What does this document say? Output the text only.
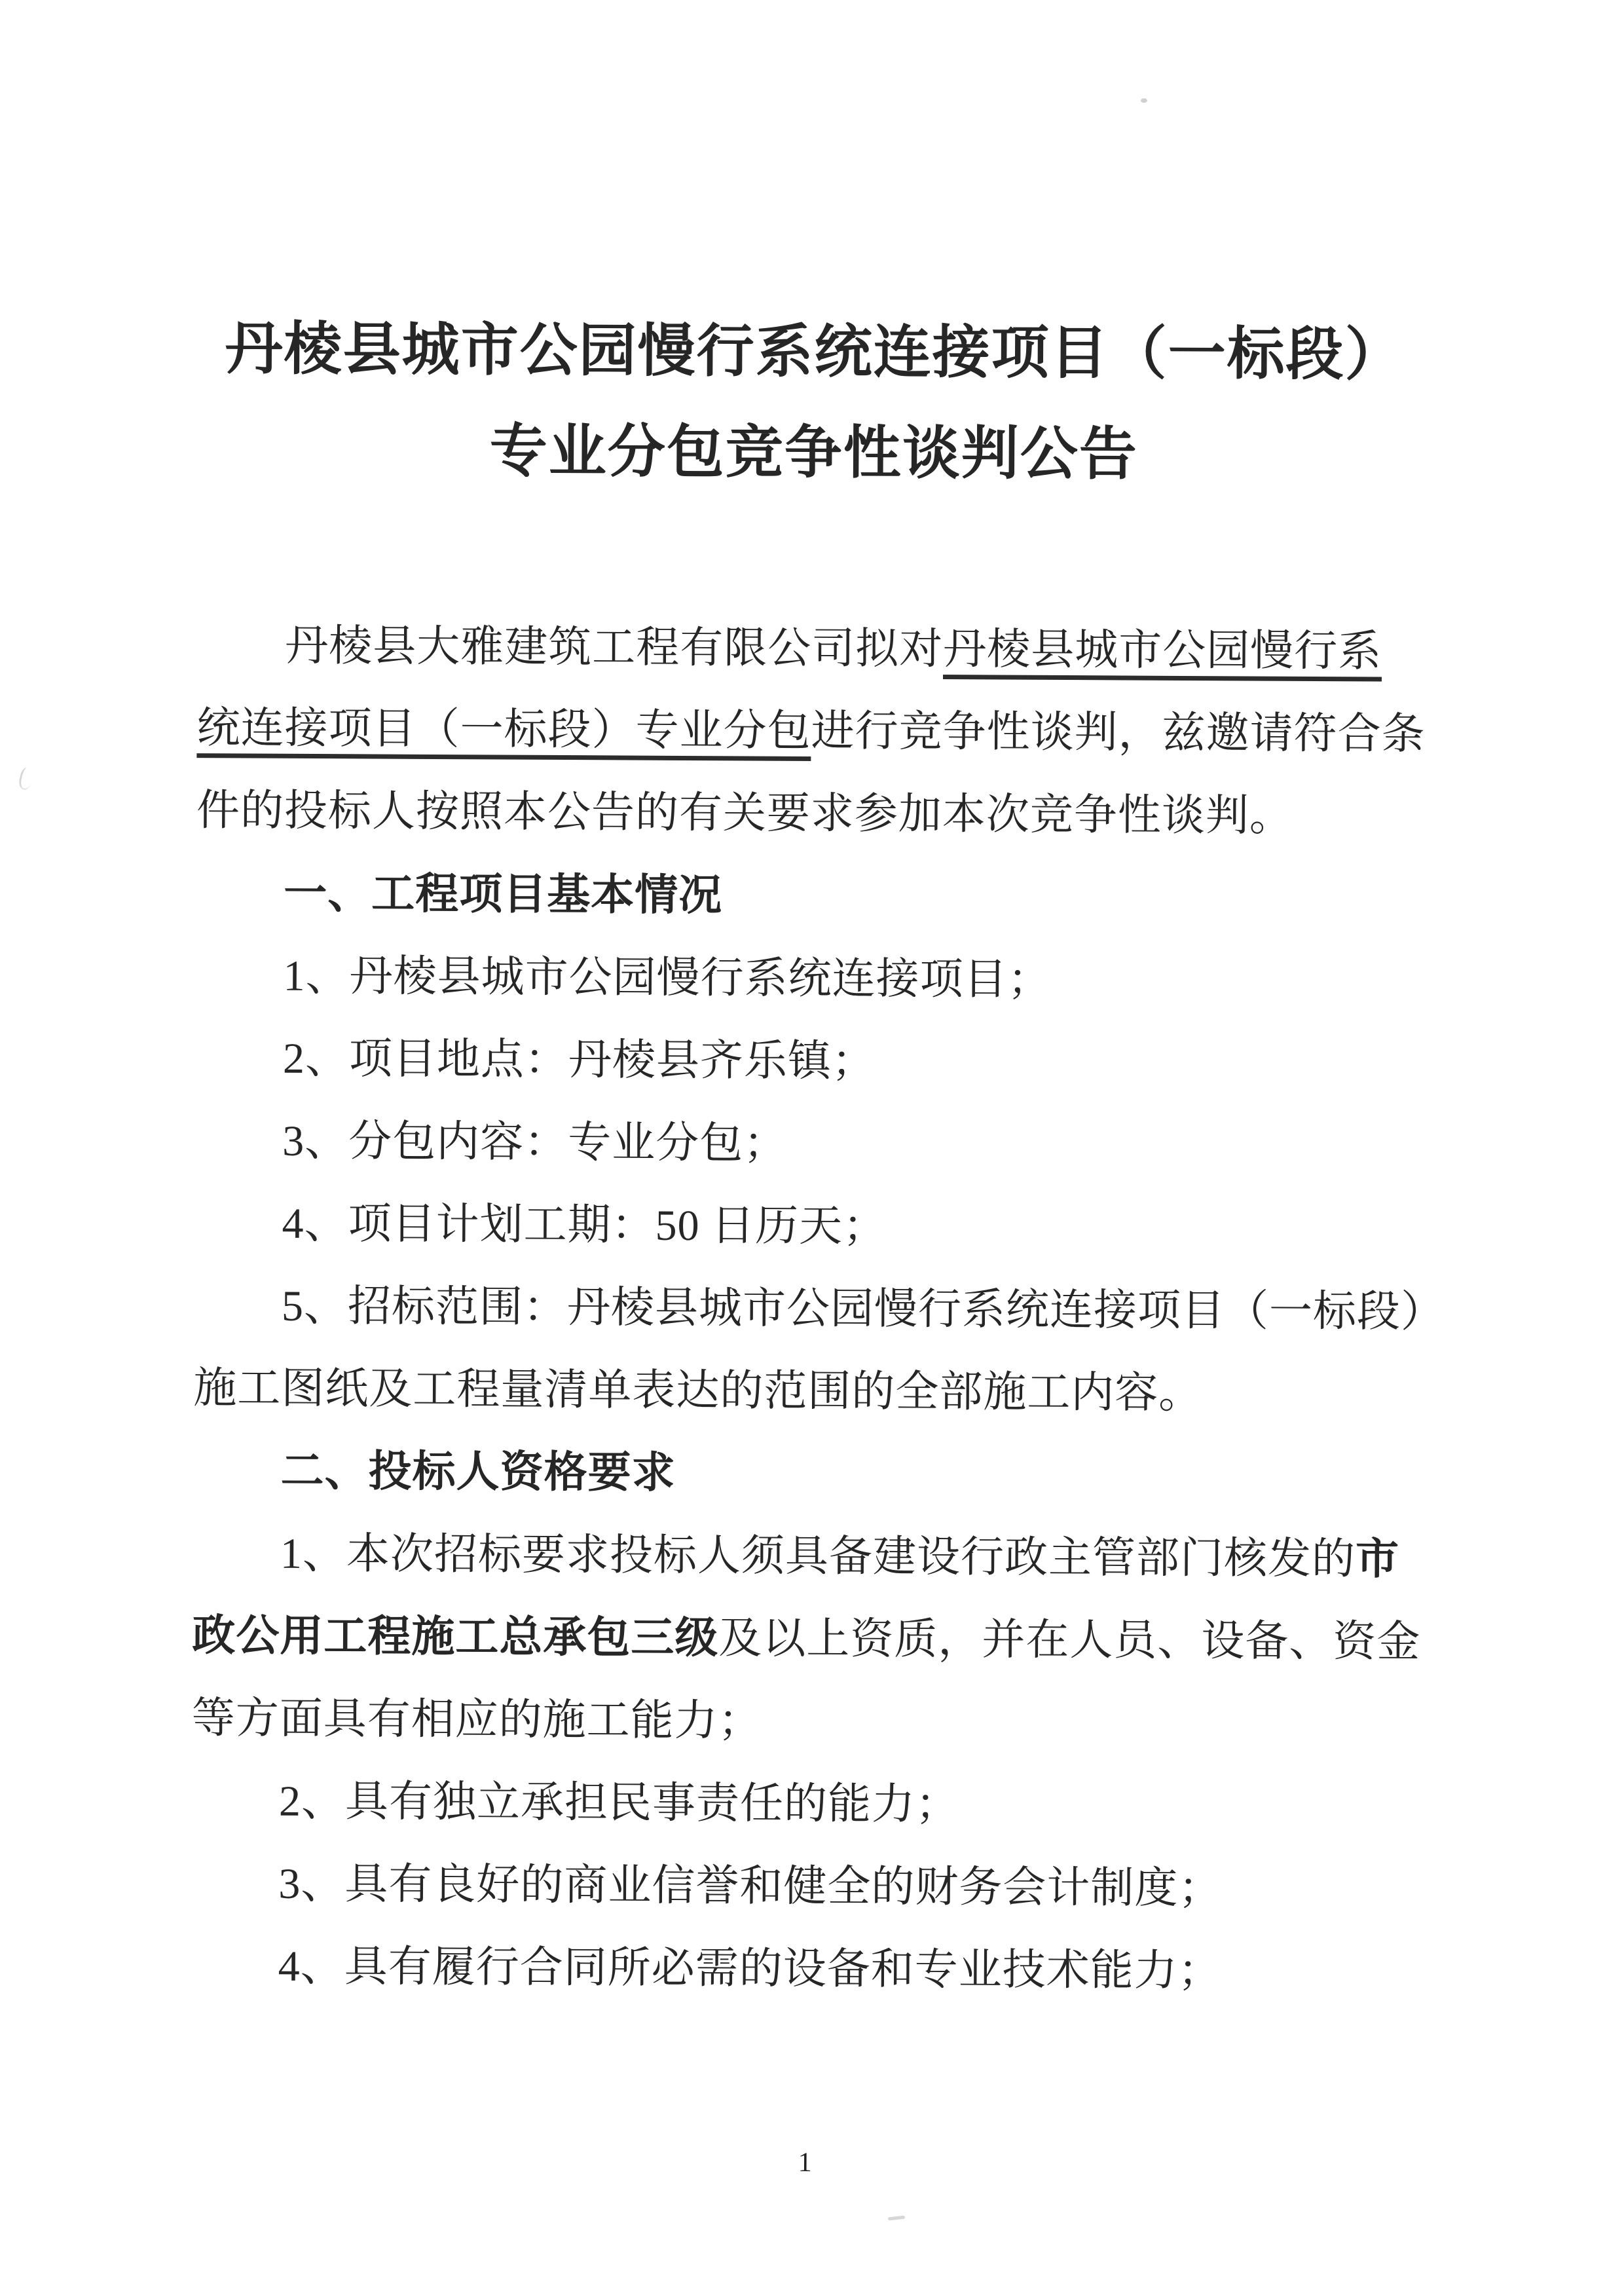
丹棱县城市公园慢行系统连接项目（一标段）
专业分包竞争性谈判公告
丹棱县大雅建筑工程有限公司拟对丹棱县城市公园慢行系
统连接项目（一标段）专业分包进行竞争性谈判，兹邀请符合条
件的投标人按照本公告的有关要求参加本次竞争性谈判。
一、工程项目基本情况
1、丹棱县城市公园慢行系统连接项目；
2、项目地点：丹棱县齐乐镇；
3、分包内容：专业分包；
4、项目计划工期：50 日历天；
5、招标范围：丹棱县城市公园慢行系统连接项目（一标段）
施工图纸及工程量清单表达的范围的全部施工内容。
二、投标人资格要求
1、本次招标要求投标人须具备建设行政主管部门核发的市
政公用工程施工总承包三级及以上资质，并在人员、设备、资金
等方面具有相应的施工能力；
2、具有独立承担民事责任的能力；
3、具有良好的商业信誉和健全的财务会计制度；
4、具有履行合同所必需的设备和专业技术能力；
1
